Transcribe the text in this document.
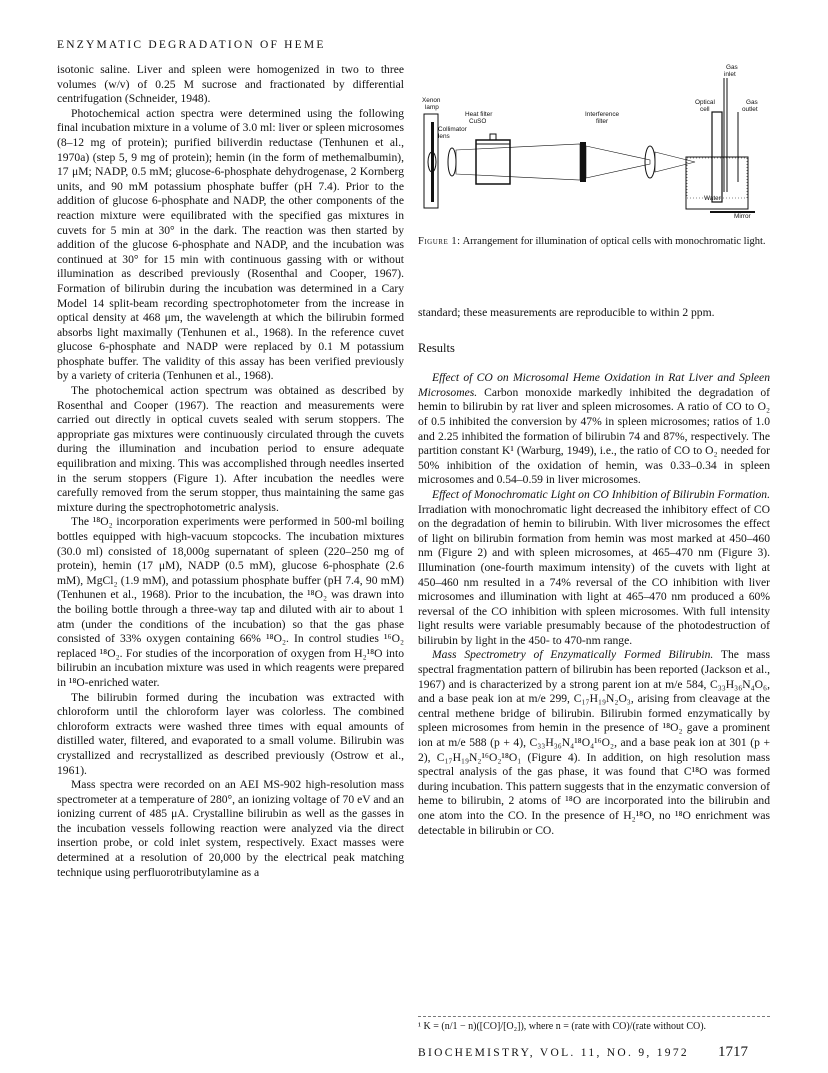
ENZYMATIC DEGRADATION OF HEME

isotonic saline. Liver and spleen were homogenized in two to three volumes (w/v) of 0.25 M sucrose and fractionated by differential centrifugation (Schneider, 1948).

Photochemical action spectra were determined using the following final incubation mixture in a volume of 3.0 ml: liver or spleen microsomes (8–12 mg of protein); purified biliverdin reductase (Tenhunen et al., 1970a) (step 5, 9 mg of protein); hemin (in the form of methemalbumin), 17 μM; NADP, 0.5 mM; glucose-6-phosphate dehydrogenase, 2 Kornberg units, and 90 mM potassium phosphate buffer (pH 7.4). Prior to the addition of glucose 6-phosphate and NADP, the other components of the reaction mixture were equilibrated with the specified gas mixtures in cuvets for 5 min at 30° in the dark. The reaction was then started by addition of the glucose 6-phosphate and NADP, and the incubation was continued at 30° for 15 min with continuous gassing with or without illumination as described previously (Rosenthal and Cooper, 1967). Formation of bilirubin during the incubation was determined in a Cary Model 14 split-beam recording spectrophotometer from the increase in optical density at 468 μm, the wavelength at which the bilirubin formed absorbs light maximally (Tenhunen et al., 1968). In the reference cuvet glucose 6-phosphate and NADP were replaced by 0.1 M potassium phosphate buffer. The validity of this assay has been verified previously by a variety of criteria (Tenhunen et al., 1968).

The photochemical action spectrum was obtained as described by Rosenthal and Cooper (1967). The reaction and measurements were carried out directly in optical cuvets sealed with serum stoppers. The appropriate gas mixtures were continuously circulated through the cuvets during the illumination and incubation period to ensure adequate equilibration and mixing. This was accomplished through needles inserted in the serum stoppers (Figure 1). After incubation the needles were carefully removed from the serum stopper, thus maintaining the same gas mixture during the spectrophotometric analysis.

The ¹⁸O₂ incorporation experiments were performed in 500-ml boiling bottles equipped with high-vacuum stopcocks. The incubation mixtures (30.0 ml) consisted of 18,000g supernatant of spleen (220–250 mg of protein), hemin (17 μM), NADP (0.5 mM), glucose 6-phosphate (2.6 mM), MgCl₂ (1.9 mM), and potassium phosphate buffer (pH 7.4, 90 mM) (Tenhunen et al., 1968). Prior to the incubation, the ¹⁸O₂ was drawn into the boiling bottle through a three-way tap and diluted with air to about 1 atm (under the conditions of the incubation) so that the gas phase consisted of 33% oxygen containing 66% ¹⁸O₂. In control studies ¹⁶O₂ replaced ¹⁸O₂. For studies of the incorporation of oxygen from H₂¹⁸O into bilirubin an incubation mixture was used in which reagents were prepared in ¹⁸O-enriched water.

The bilirubin formed during the incubation was extracted with chloroform until the chloroform layer was colorless. The combined chloroform extracts were washed three times with equal amounts of distilled water, filtered, and evaporated to a small volume. Bilirubin was crystallized and recrystallized as described previously (Ostrow et al., 1961).

Mass spectra were recorded on an AEI MS-902 high-resolution mass spectrometer at a temperature of 280°, an ionizing voltage of 70 eV and an ionizing current of 485 μA. Crystalline bilirubin as well as the gasses in the incubation vessels following reaction were analyzed via the direct insertion probe, or cold inlet system, respectively. Exact masses were determined at a resolution of 20,000 by the electrical peak matching technique using perfluorotributylamine as a

Gas
inlet
Xenon
lamp
Heat filter
CuSO
Interference
filter
Collimator
lens
Optical
cell
Gas
outlet
Water
Mirror
Figure 1: Arrangement for illumination of optical cells with monochromatic light.

standard; these measurements are reproducible to within 2 ppm.

Results

Effect of CO on Microsomal Heme Oxidation in Rat Liver and Spleen Microsomes. Carbon monoxide markedly inhibited the degradation of hemin to bilirubin by rat liver and spleen microsomes. A ratio of CO to O₂ of 0.5 inhibited the conversion by 47% in spleen microsomes; ratios of 1.0 and 2.25 inhibited the formation of bilirubin 74 and 87%, respectively. The partition constant K¹ (Warburg, 1949), i.e., the ratio of CO to O₂ needed for 50% inhibition of the oxidation of hemin, was 0.33–0.34 in spleen microsomes and 0.54–0.59 in liver microsomes.

Effect of Monochromatic Light on CO Inhibition of Bilirubin Formation. Irradiation with monochromatic light decreased the inhibitory effect of CO on the degradation of hemin to bilirubin. With liver microsomes the effect of light on bilirubin formation from hemin was most marked at 450–460 nm (Figure 2) and with spleen microsomes, at 465–470 nm (Figure 3). Illumination (one-fourth maximum intensity) of the cuvets with light at 450–460 nm resulted in a 74% reversal of the CO inhibition with liver microsomes and illumination with light at 465–470 nm produced a 60% reversal of the CO inhibition with spleen microsomes. With full intensity light results were variable presumably because of the photodestruction of bilirubin by light in the 450- to 470-nm range.

Mass Spectrometry of Enzymatically Formed Bilirubin. The mass spectral fragmentation pattern of bilirubin has been reported (Jackson et al., 1967) and is characterized by a strong parent ion at m/e 584, C₃₃H₃₆N₄O₆, and a base peak ion at m/e 299, C₁₇H₁₉N₂O₃, arising from cleavage at the central methene bridge of bilirubin. Bilirubin formed enzymatically by spleen microsomes from hemin in the presence of ¹⁸O₂ gave a prominent ion at m/e 588 (p + 4), C₃₃H₃₆N₄¹⁸O₄¹⁶O₂, and a base peak ion at 301 (p + 2), C₁₇H₁₉N₂¹⁶O₂¹⁸O₁ (Figure 4). In addition, on high resolution mass spectral analysis of the gas phase, it was found that C¹⁸O was formed during incubation. This pattern suggests that in the enzymatic conversion of heme to bilirubin, 2 atoms of ¹⁸O are incorporated into the bilirubin and one atom into the CO. In the presence of H₂¹⁸O, no ¹⁸O enrichment was detectable in bilirubin or CO.

¹ K = (n/1 − n)([CO]/[O₂]), where n = (rate with CO)/(rate without CO).
BIOCHEMISTRY, VOL. 11, NO. 9, 1972	1717
